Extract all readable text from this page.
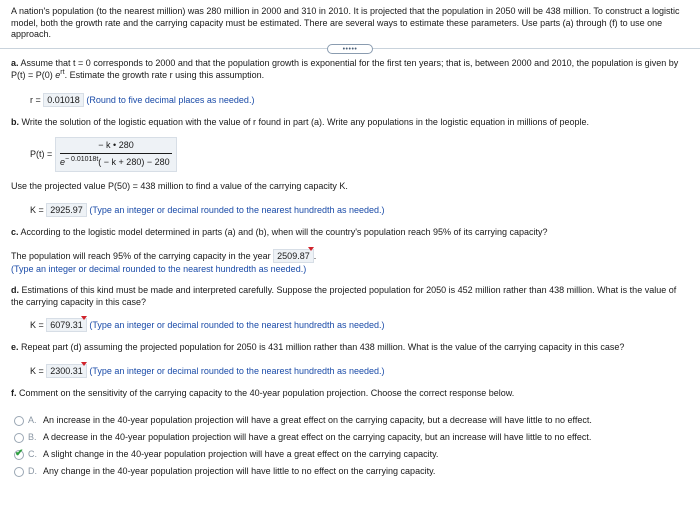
A nation's population (to the nearest million) was 280 million in 2000 and 310 in 2010. It is projected that the population in 2050 will be 438 million. To construct a logistic model, both the growth rate and the carrying capacity must be estimated. There are several ways to estimate these parameters. Use parts (a) through (f) to use one approach.
•••••
a. Assume that t = 0 corresponds to 2000 and that the population growth is exponential for the first ten years; that is, between 2000 and 2010, the population is given by P(t) = P(0) $e^{rt}$. Estimate the growth rate r using this assumption.
r = 0.01018 (Round to five decimal places as needed.)
b. Write the solution of the logistic equation with the value of r found in part (a). Write any populations in the logistic equation in millions of people.
P(t) =
− k • 280
$e^{- 0.01018t}( - k + 280) - 280$
Use the projected value P(50) = 438 million to find a value of the carrying capacity K.
K = 2925.97 (Type an integer or decimal rounded to the nearest hundredth as needed.)
c. According to the logistic model determined in parts (a) and (b), when will the country's population reach 95% of its carrying capacity?
The population will reach 95% of the carrying capacity in the year 2509.87 .
(Type an integer or decimal rounded to the nearest hundredth as needed.)
d. Estimations of this kind must be made and interpreted carefully. Suppose the projected population for 2050 is 452 million rather than 438 million. What is the value of the carrying capacity in this case?
K = 6079.31 (Type an integer or decimal rounded to the nearest hundredth as needed.)
e. Repeat part (d) assuming the projected population for 2050 is 431 million rather than 438 million. What is the value of the carrying capacity in this case?
K = 2300.31 (Type an integer or decimal rounded to the nearest hundredth as needed.)
f. Comment on the sensitivity of the carrying capacity to the 40-year population projection. Choose the correct response below.
A. An increase in the 40-year population projection will have a great effect on the carrying capacity, but a decrease will have little to no effect.
B. A decrease in the 40-year population projection will have a great effect on the carrying capacity, but an increase will have little to no effect.
✔ C. A slight change in the 40-year population projection will have a great effect on the carrying capacity.
D. Any change in the 40-year population projection will have little to no effect on the carrying capacity.
